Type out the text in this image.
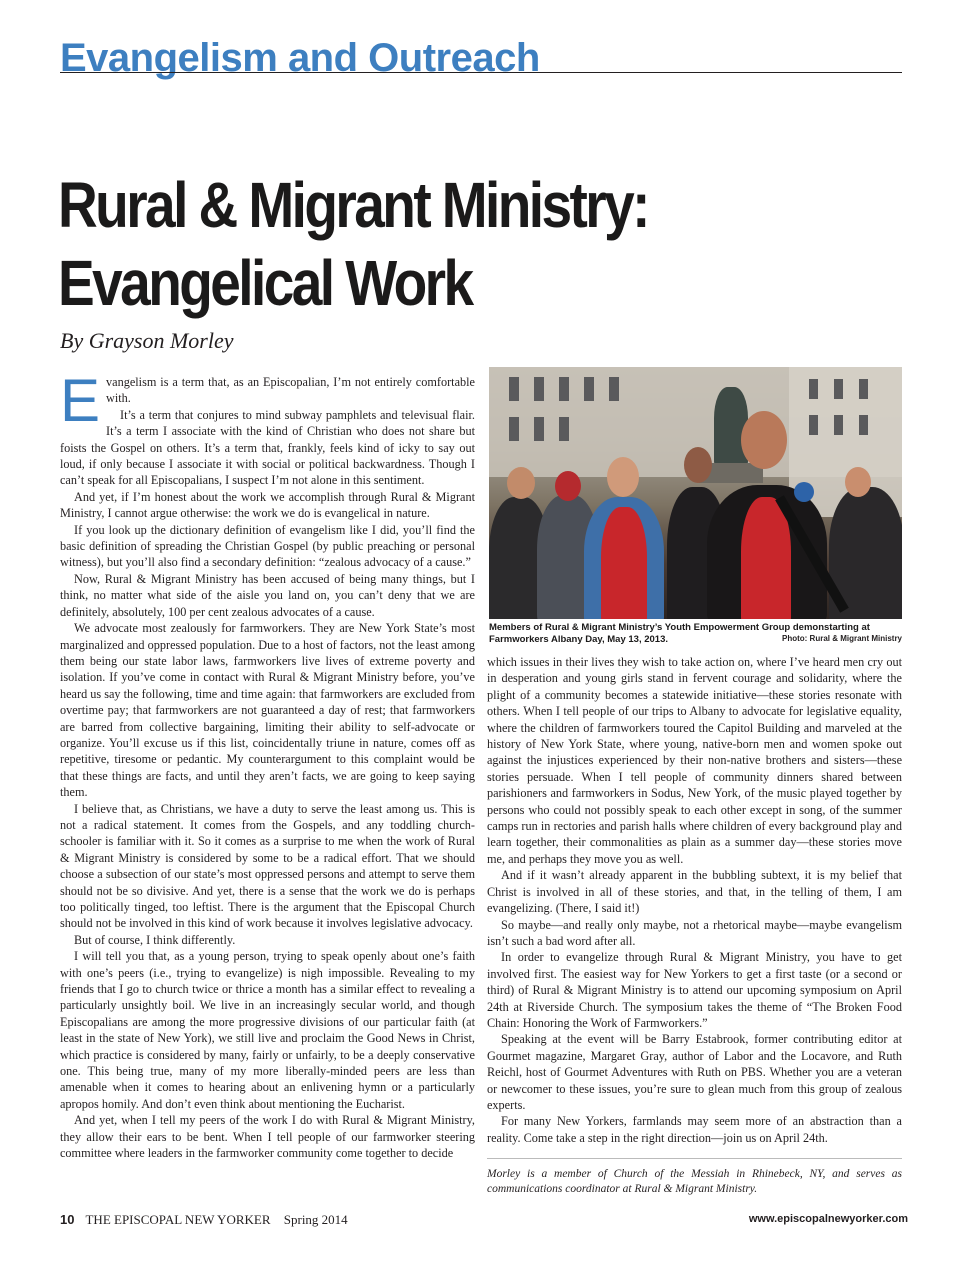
Evangelism and Outreach
Rural & Migrant Ministry:
Evangelical Work
By Grayson Morley

Evangelism is a term that, as an Episcopalian, I’m not entirely comfortable with.

It’s a term that conjures to mind subway pamphlets and televisual flair. It’s a term I associate with the kind of Christian who does not share but foists the Gospel on others. It’s a term that, frankly, feels kind of icky to say out loud, if only because I associate it with social or political backwardness. Though I can’t speak for all Episcopalians, I suspect I’m not alone in this sentiment.

And yet, if I’m honest about the work we accomplish through Rural & Migrant Ministry, I cannot argue otherwise: the work we do is evangelical in nature.

If you look up the dictionary definition of evangelism like I did, you’ll find the basic definition of spreading the Christian Gospel (by public preaching or personal witness), but you’ll also find a secondary definition: “zealous advocacy of a cause.”

Now, Rural & Migrant Ministry has been accused of being many things, but I think, no matter what side of the aisle you land on, you can’t deny that we are definitely, absolutely, 100 per cent zealous advocates of a cause.

We advocate most zealously for farmworkers. They are New York State’s most marginalized and oppressed population. Due to a host of factors, not the least among them being our state labor laws, farmworkers live lives of extreme poverty and isolation. If you’ve come in contact with Rural & Migrant Ministry before, you’ve heard us say the following, time and time again: that farmworkers are excluded from overtime pay; that farmworkers are not guaranteed a day of rest; that farmworkers are barred from collective bargaining, limiting their ability to self-advocate or organize. You’ll excuse us if this list, coincidentally triune in nature, comes off as repetitive, tiresome or pedantic. My counterargument to this complaint would be that these things are facts, and until they aren’t facts, we are going to keep saying them.

I believe that, as Christians, we have a duty to serve the least among us. This is not a radical statement. It comes from the Gospels, and any toddling church-schooler is familiar with it. So it comes as a surprise to me when the work of Rural & Migrant Ministry is considered by some to be a radical effort. That we should choose a subsection of our state’s most oppressed persons and attempt to serve them should not be so divisive. And yet, there is a sense that the work we do is perhaps too politically tinged, too leftist. There is the argument that the Episcopal Church should not be involved in this kind of work because it involves legislative advocacy.

But of course, I think differently.

I will tell you that, as a young person, trying to speak openly about one’s faith with one’s peers (i.e., trying to evangelize) is nigh impossible. Revealing to my friends that I go to church twice or thrice a month has a similar effect to revealing a particularly unsightly boil. We live in an increasingly secular world, and though Episcopalians are among the more progressive divisions of our particular faith (at least in the state of New York), we still live and proclaim the Good News in Christ, which practice is considered by many, fairly or unfairly, to be a deeply conservative one. This being true, many of my more liberally-minded peers are less than amenable when it comes to hearing about an enlivening hymn or a particularly apropos homily. And don’t even think about mentioning the Eucharist.

And yet, when I tell my peers of the work I do with Rural & Migrant Ministry, they allow their ears to be bent. When I tell people of our farmworker steering committee where leaders in the farmworker community come together to decide

Members of Rural & Migrant Ministry’s Youth Empowerment Group demonstarting at Farmworkers Albany Day, May 13, 2013.	Photo: Rural & Migrant Ministry

which issues in their lives they wish to take action on, where I’ve heard men cry out in desperation and young girls stand in fervent courage and solidarity, where the plight of a community becomes a statewide initiative—these stories resonate with others. When I tell people of our trips to Albany to advocate for legislative equality, where the children of farmworkers toured the Capitol Building and marveled at the history of New York State, where young, native-born men and women spoke out against the injustices experienced by their non-native brothers and sisters—these stories persuade. When I tell people of community dinners shared between parishioners and farmworkers in Sodus, New York, of the music played together by persons who could not possibly speak to each other except in song, of the summer camps run in rectories and parish halls where children of every background play and learn together, their commonalities as plain as a summer day—these stories move me, and perhaps they move you as well.

And if it wasn’t already apparent in the bubbling subtext, it is my belief that Christ is involved in all of these stories, and that, in the telling of them, I am evangelizing. (There, I said it!)

So maybe—and really only maybe, not a rhetorical maybe—maybe evangelism isn’t such a bad word after all.

In order to evangelize through Rural & Migrant Ministry, you have to get involved first. The easiest way for New Yorkers to get a first taste (or a second or third) of Rural & Migrant Ministry is to attend our upcoming symposium on April 24th at Riverside Church. The symposium takes the theme of “The Broken Food Chain: Honoring the Work of Farmworkers.”

Speaking at the event will be Barry Estabrook, former contributing editor at Gourmet magazine, Margaret Gray, author of Labor and the Locavore, and Ruth Reichl, host of Gourmet Adventures with Ruth on PBS. Whether you are a veteran or newcomer to these issues, you’re sure to glean much from this group of zealous experts.

For many New Yorkers, farmlands may seem more of an abstraction than a reality. Come take a step in the right direction—join us on April 24th.

Morley is a member of Church of the Messiah in Rhinebeck, NY, and serves as communications coordinator at Rural & Migrant Ministry.

10 THE EPISCOPAL NEW YORKER Spring 2014	www.episcopalnewyorker.com
